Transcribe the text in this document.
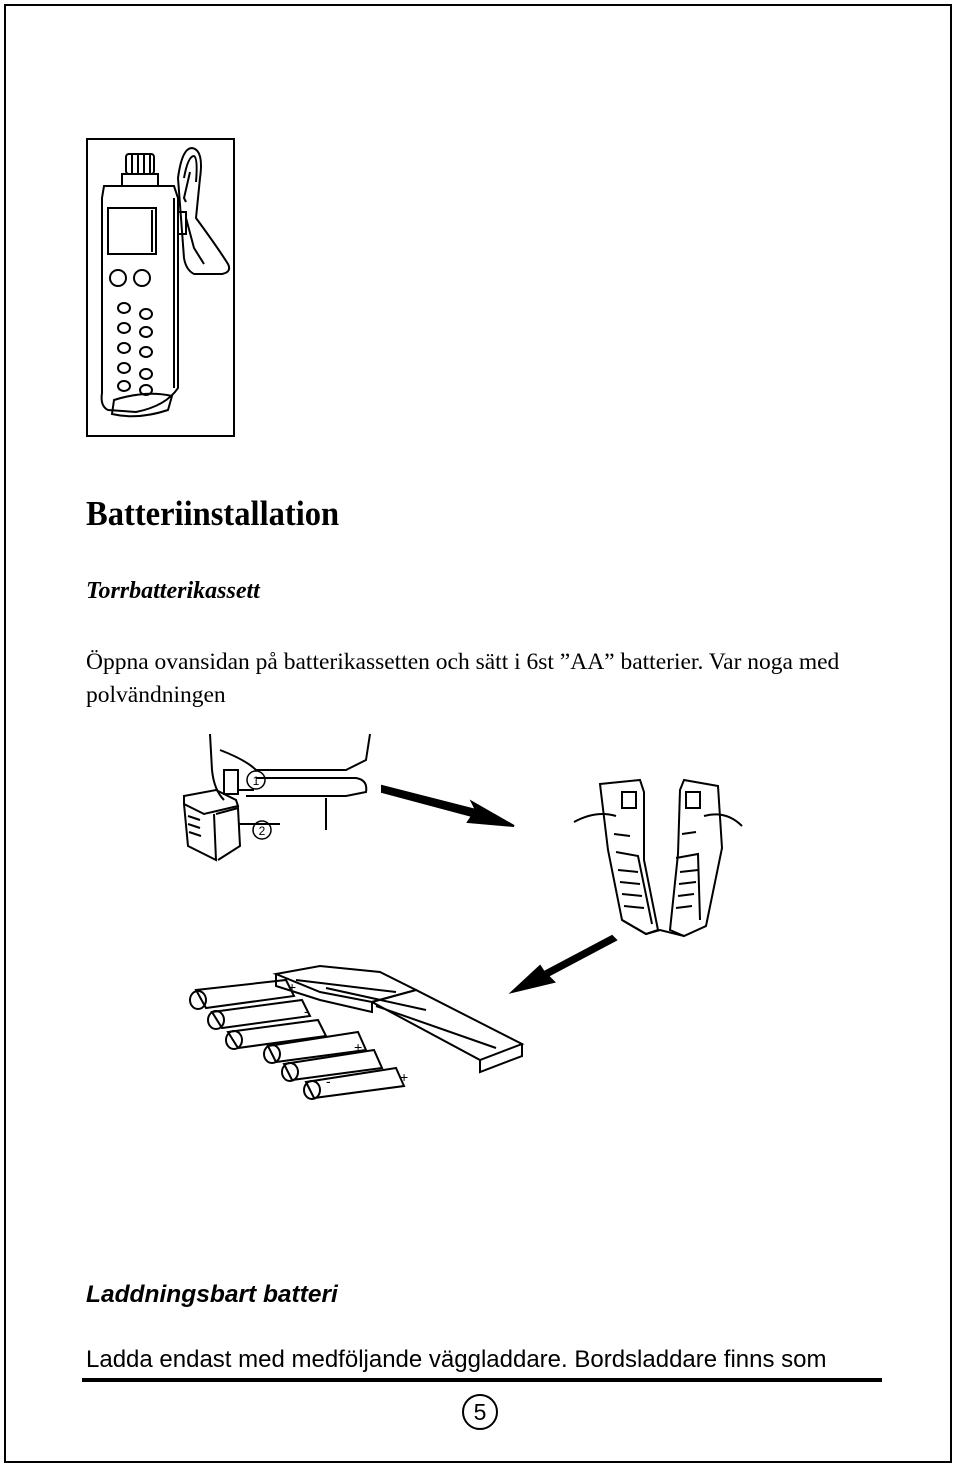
Batteriinstallation
Torrbatterikassett

Öppna ovansidan på batterikassetten och sätt i 6st ”AA” batterier. Var noga med polvändningen

1
2
+
+
+
-
-
Laddningsbart batteri

Ladda endast med medföljande väggladdare. Bordsladdare finns som

5
